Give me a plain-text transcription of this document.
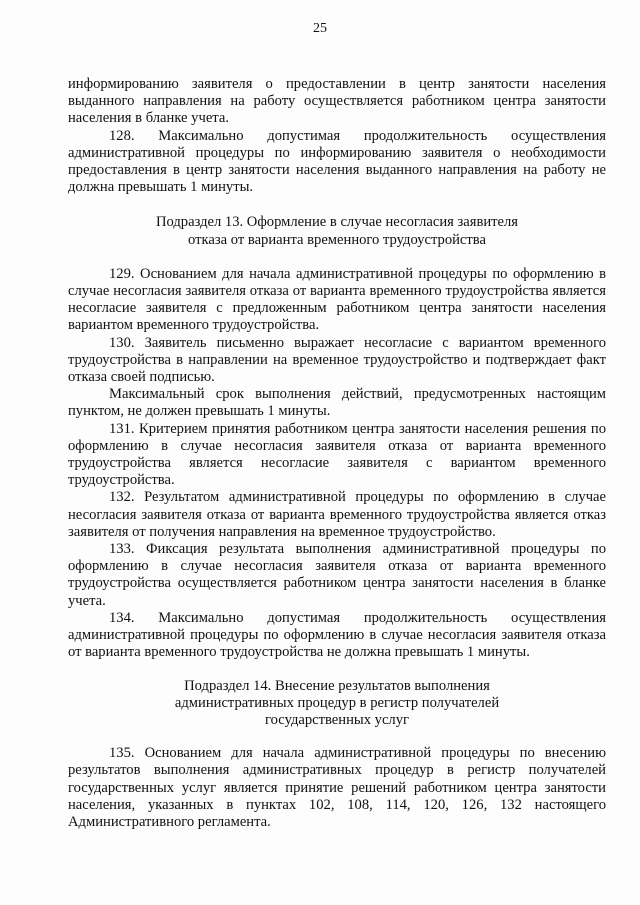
25

информированию заявителя о предоставлении в центр занятости населения выданного направления на работу осуществляется работником центра занятости населения в бланке учета.

128. Максимально допустимая продолжительность осуществления административной процедуры по информированию заявителя о необходимости предоставления в центр занятости населения выданного направления на работу не должна превышать 1 минуты.

Подраздел 13. Оформление в случае несогласия заявителя отказа от варианта временного трудоустройства

129. Основанием для начала административной процедуры по оформлению в случае несогласия заявителя отказа от варианта временного трудоустройства является несогласие заявителя с предложенным работником центра занятости населения вариантом временного трудоустройства.

130. Заявитель письменно выражает несогласие с вариантом временного трудоустройства в направлении на временное трудоустройство и подтверждает факт отказа своей подписью.

Максимальный срок выполнения действий, предусмотренных настоящим пунктом, не должен превышать 1 минуты.

131. Критерием принятия работником центра занятости населения решения по оформлению в случае несогласия заявителя отказа от варианта временного трудоустройства является несогласие заявителя с вариантом временного трудоустройства.

132. Результатом административной процедуры по оформлению в случае несогласия заявителя отказа от варианта временного трудоустройства является отказ заявителя от получения направления на временное трудоустройство.

133. Фиксация результата выполнения административной процедуры по оформлению в случае несогласия заявителя отказа от варианта временного трудоустройства осуществляется работником центра занятости населения в бланке учета.

134. Максимально допустимая продолжительность осуществления административной процедуры по оформлению в случае несогласия заявителя отказа от варианта временного трудоустройства не должна превышать 1 минуты.

Подраздел 14. Внесение результатов выполнения административных процедур в регистр получателей государственных услуг

135. Основанием для начала административной процедуры по внесению результатов выполнения административных процедур в регистр получателей государственных услуг является принятие решений работником центра занятости населения, указанных в пунктах 102, 108, 114, 120, 126, 132 настоящего Административного регламента.
